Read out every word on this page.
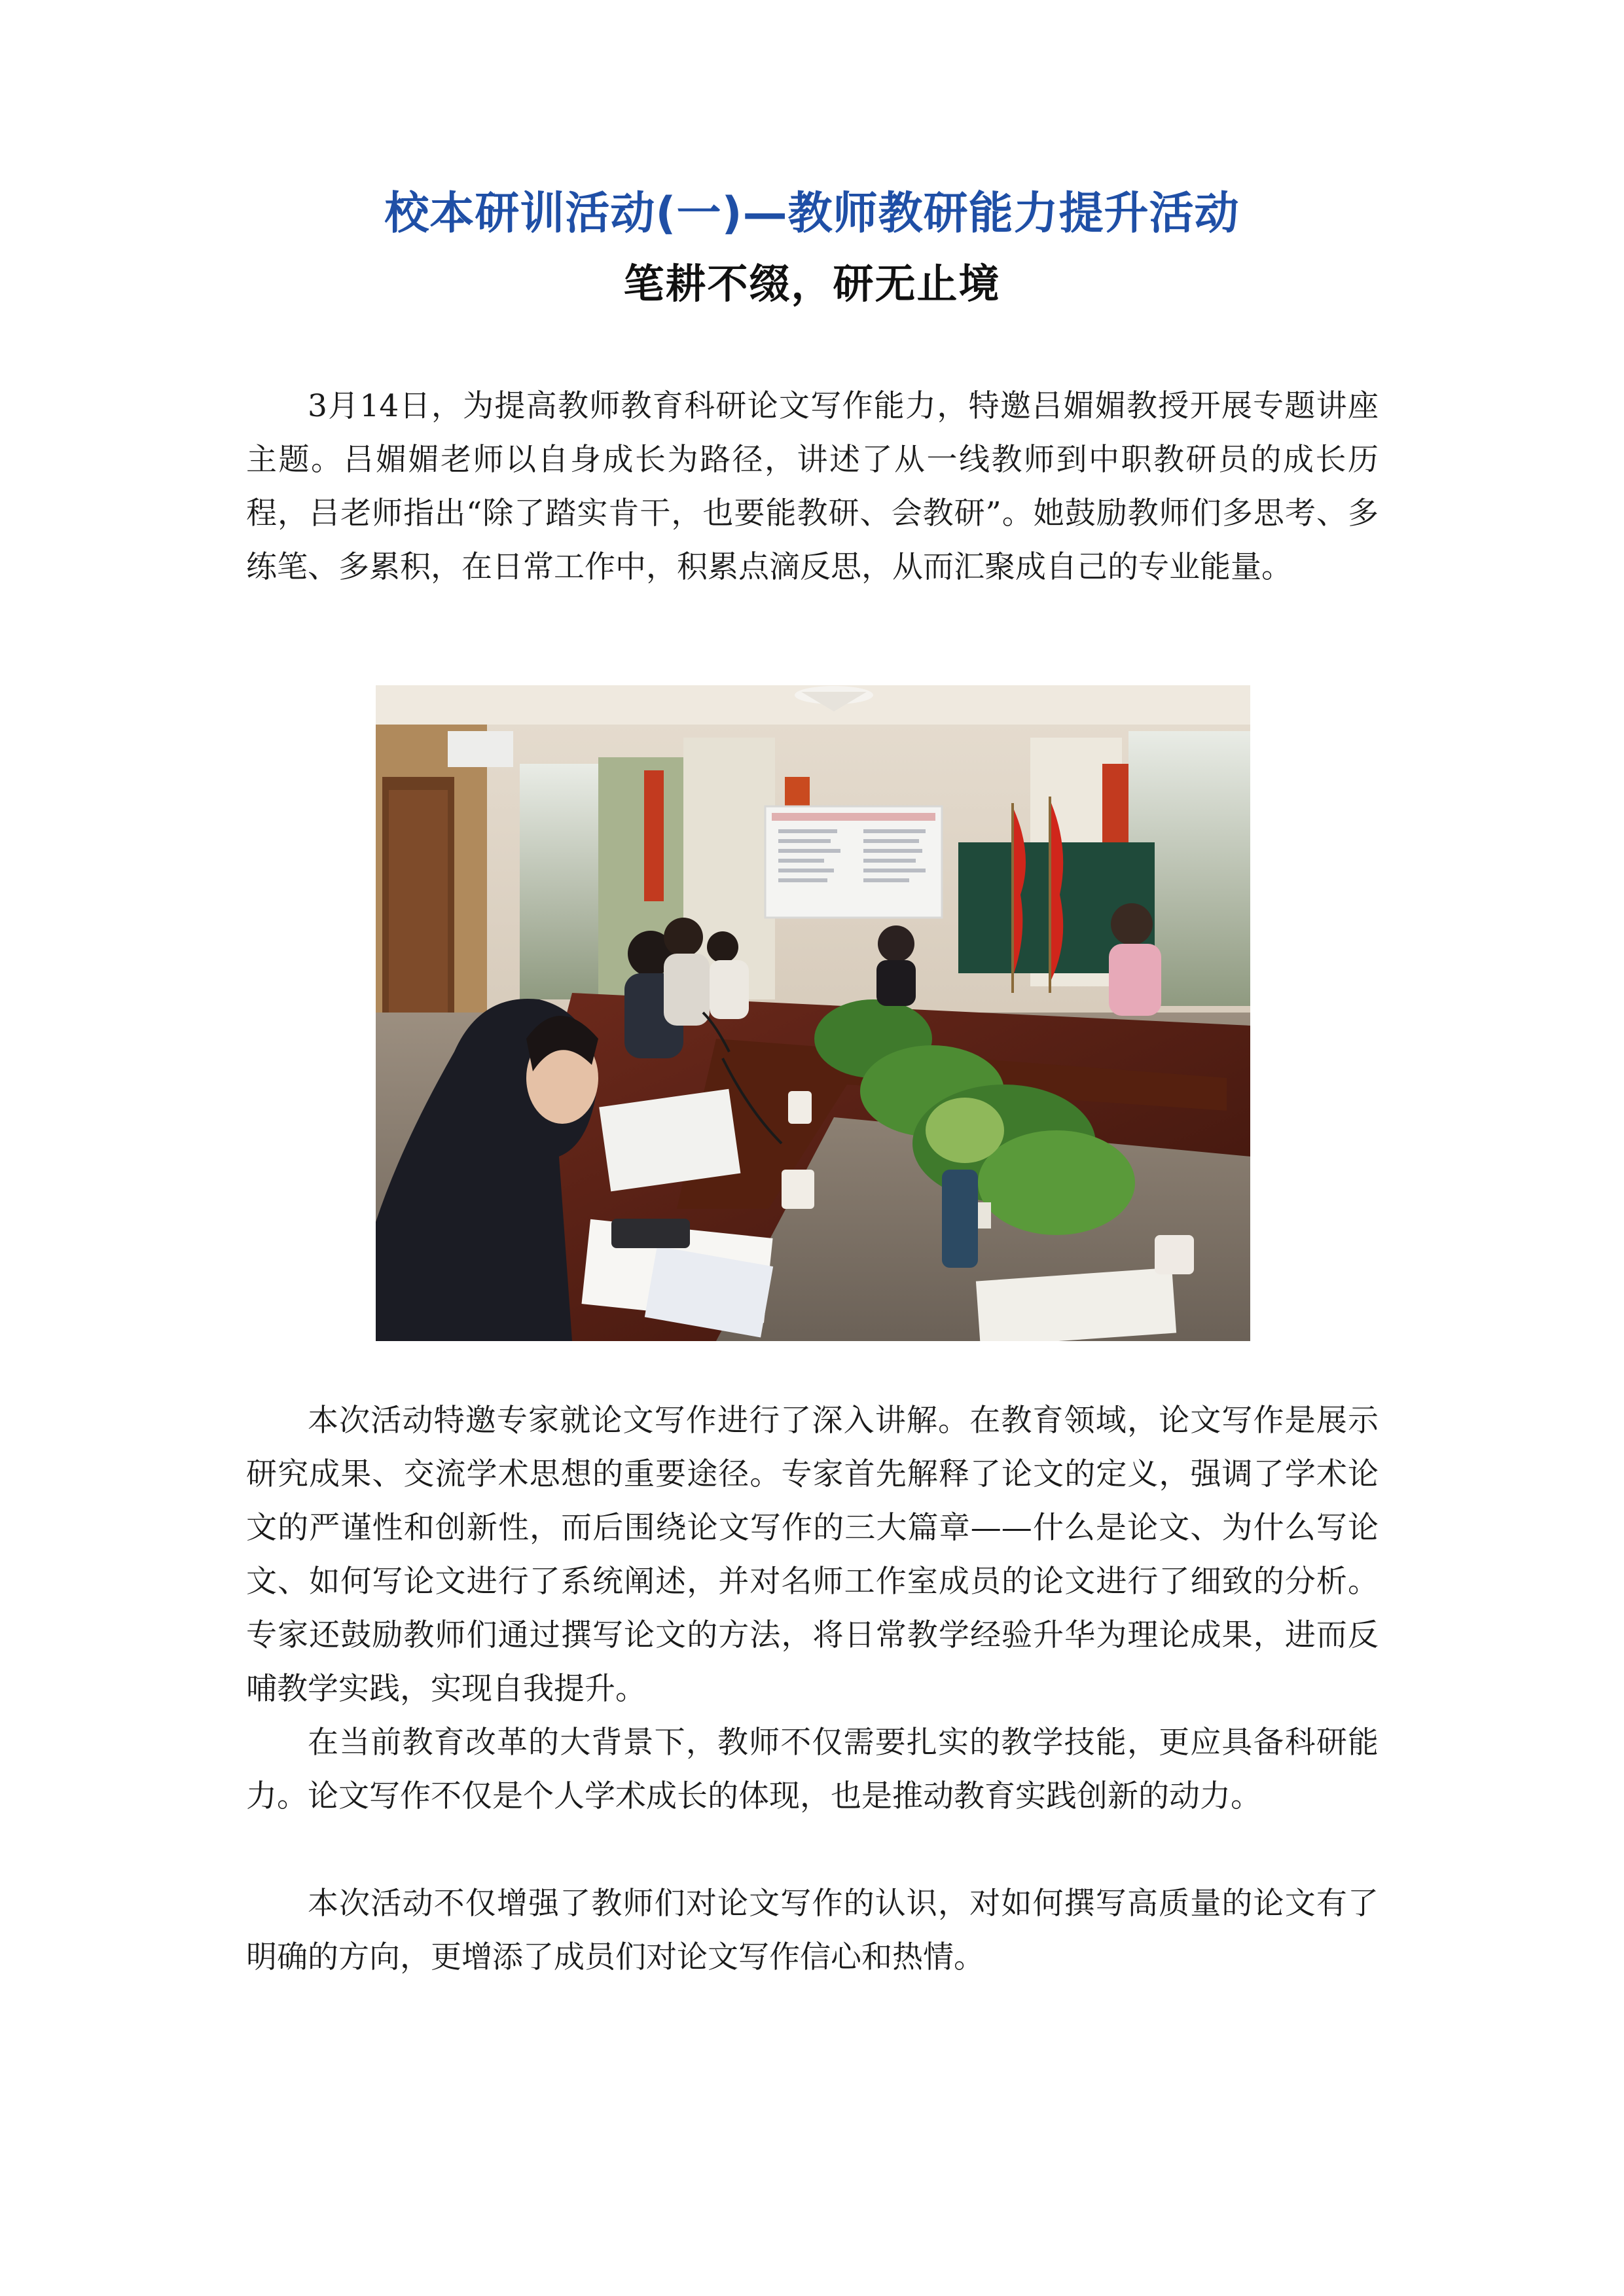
校本研训活动(一)—教师教研能力提升活动
笔耕不缀，研无止境

3月14日，为提高教师教育科研论文写作能力，特邀吕媚媚教授开展专题讲座主题。吕媚媚老师以自身成长为路径，讲述了从一线教师到中职教研员的成长历程，吕老师指出“除了踏实肯干，也要能教研、会教研”。她鼓励教师们多思考、多练笔、多累积，在日常工作中，积累点滴反思，从而汇聚成自己的专业能量。

本次活动特邀专家就论文写作进行了深入讲解。在教育领域，论文写作是展示研究成果、交流学术思想的重要途径。专家首先解释了论文的定义，强调了学术论文的严谨性和创新性，而后围绕论文写作的三大篇章——什么是论文、为什么写论文、如何写论文进行了系统阐述，并对名师工作室成员的论文进行了细致的分析。专家还鼓励教师们通过撰写论文的方法，将日常教学经验升华为理论成果，进而反哺教学实践，实现自我提升。

在当前教育改革的大背景下，教师不仅需要扎实的教学技能，更应具备科研能力。论文写作不仅是个人学术成长的体现，也是推动教育实践创新的动力。

本次活动不仅增强了教师们对论文写作的认识，对如何撰写高质量的论文有了明确的方向，更增添了成员们对论文写作信心和热情。
